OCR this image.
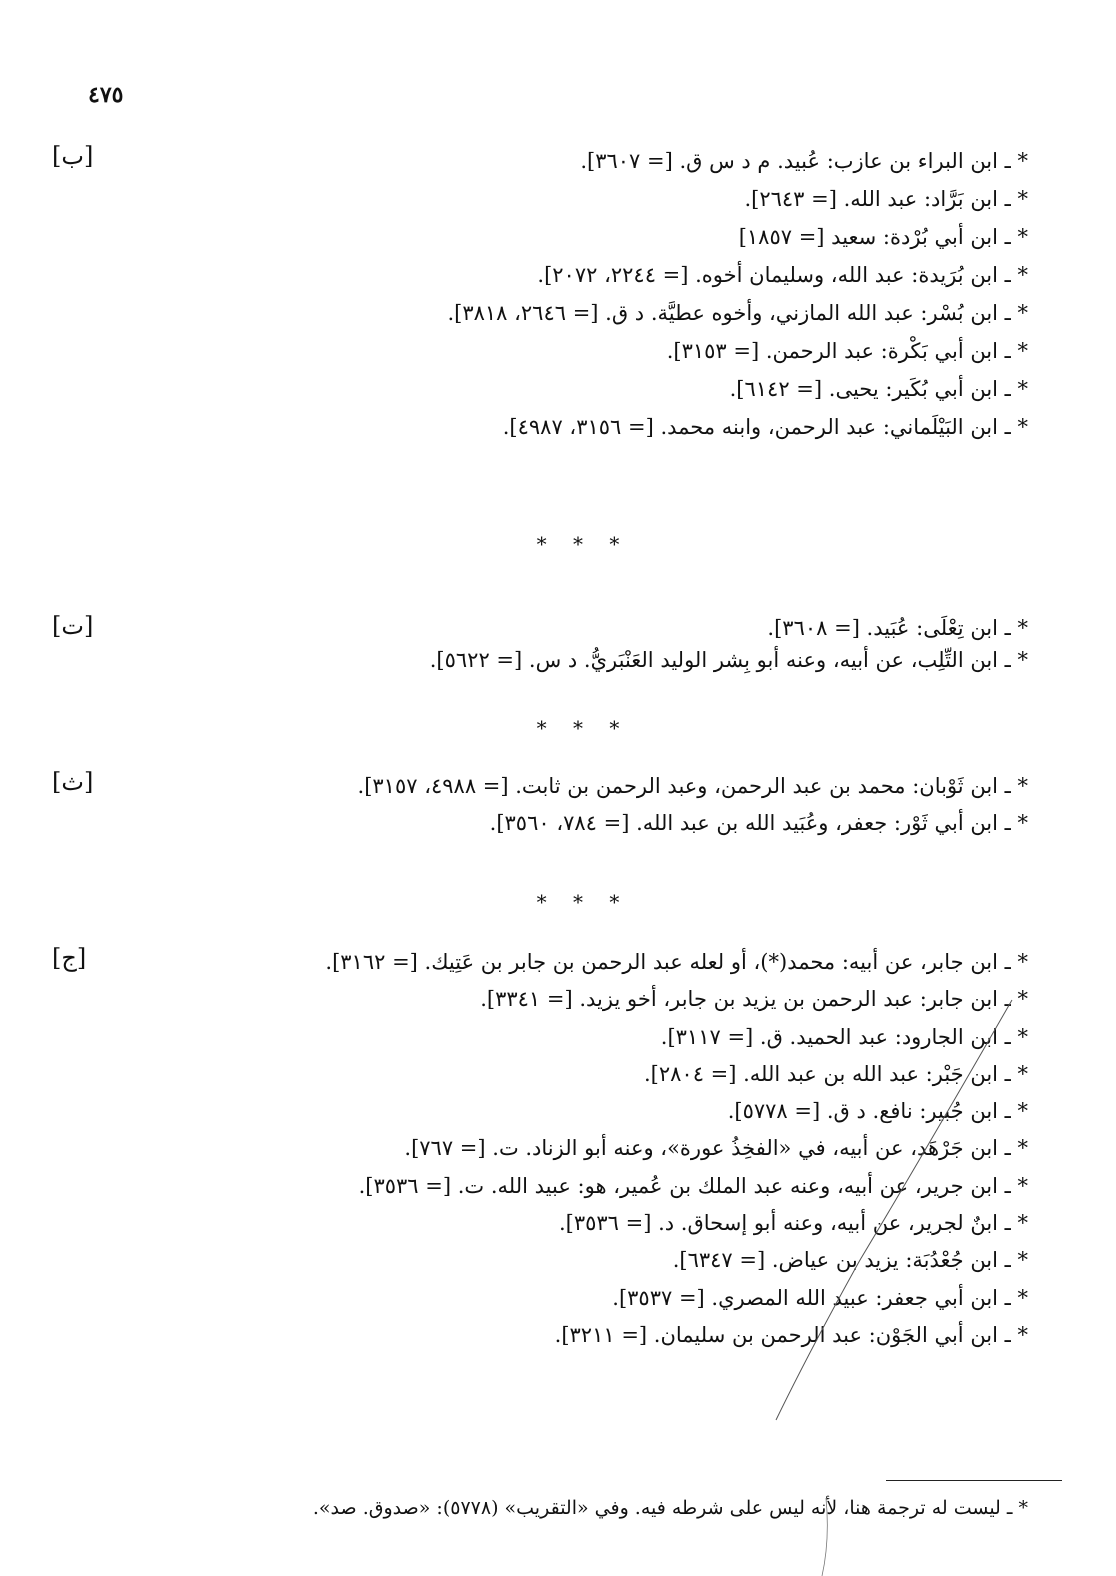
٤٧٥
[ب]	* ـ ابن البراء بن عازب: عُبيد. م د س ق. [= ٣٦٠٧].
* ـ ابن بَرَّاد: عبد الله. [= ٢٦٤٣].
* ـ ابن أبي بُرْدة: سعيد [= ١٨٥٧]
* ـ ابن بُرَيدة: عبد الله، وسليمان أخوه. [= ٢٢٤٤، ٢٠٧٢].
* ـ ابن بُسْر: عبد الله المازني، وأخوه عطيَّة. د ق. [= ٢٦٤٦، ٣٨١٨].
* ـ ابن أبي بَكْرة: عبد الرحمن. [= ٣١٥٣].
* ـ ابن أبي بُكَير: يحيى. [= ٦١٤٢].
* ـ ابن البَيْلَماني: عبد الرحمن، وابنه محمد. [= ٣١٥٦، ٤٩٨٧].
* * *
[ت]	* ـ ابن تِعْلَى: عُبَيد. [= ٣٦٠٨].
* ـ ابن التِّلِب، عن أبيه، وعنه أبو بِشر الوليد العَنْبَريُّ. د س. [= ٥٦٢٢].
* * *
[ث]	* ـ ابن ثَوْبان: محمد بن عبد الرحمن، وعبد الرحمن بن ثابت. [= ٤٩٨٨، ٣١٥٧].
* ـ ابن أبي ثَوْر: جعفر، وعُبَيد الله بن عبد الله. [= ٧٨٤، ٣٥٦٠].
* * *
[ج]	* ـ ابن جابر، عن أبيه: محمد(*)، أو لعله عبد الرحمن بن جابر بن عَتِيك. [= ٣١٦٢].
* ـ ابن جابر: عبد الرحمن بن يزيد بن جابر، أخو يزيد. [= ٣٣٤١].
* ـ ابن الجارود: عبد الحميد. ق. [= ٣١١٧].
* ـ ابن جَبْر: عبد الله بن عبد الله. [= ٢٨٠٤].
* ـ ابن جُبير: نافع. د ق. [= ٥٧٧٨].
* ـ ابن جَرْهَد، عن أبيه، في «الفخِذُ عورة»، وعنه أبو الزناد. ت. [= ٧٦٧].
* ـ ابن جرير، عن أبيه، وعنه عبد الملك بن عُمير، هو: عبيد الله. ت. [= ٣٥٣٦].
* ـ ابنٌ لجرير، عن أبيه، وعنه أبو إسحاق. د. [= ٣٥٣٦].
* ـ ابن جُعْدُبَة: يزيد بن عياض. [= ٦٣٤٧].
* ـ ابن أبي جعفر: عبيد الله المصري. [= ٣٥٣٧].
* ـ ابن أبي الجَوْن: عبد الرحمن بن سليمان. [= ٣٢١١].
* ـ ليست له ترجمة هنا، لأنه ليس على شرطه فيه. وفي «التقريب» (٥٧٧٨): «صدوق. صد».
